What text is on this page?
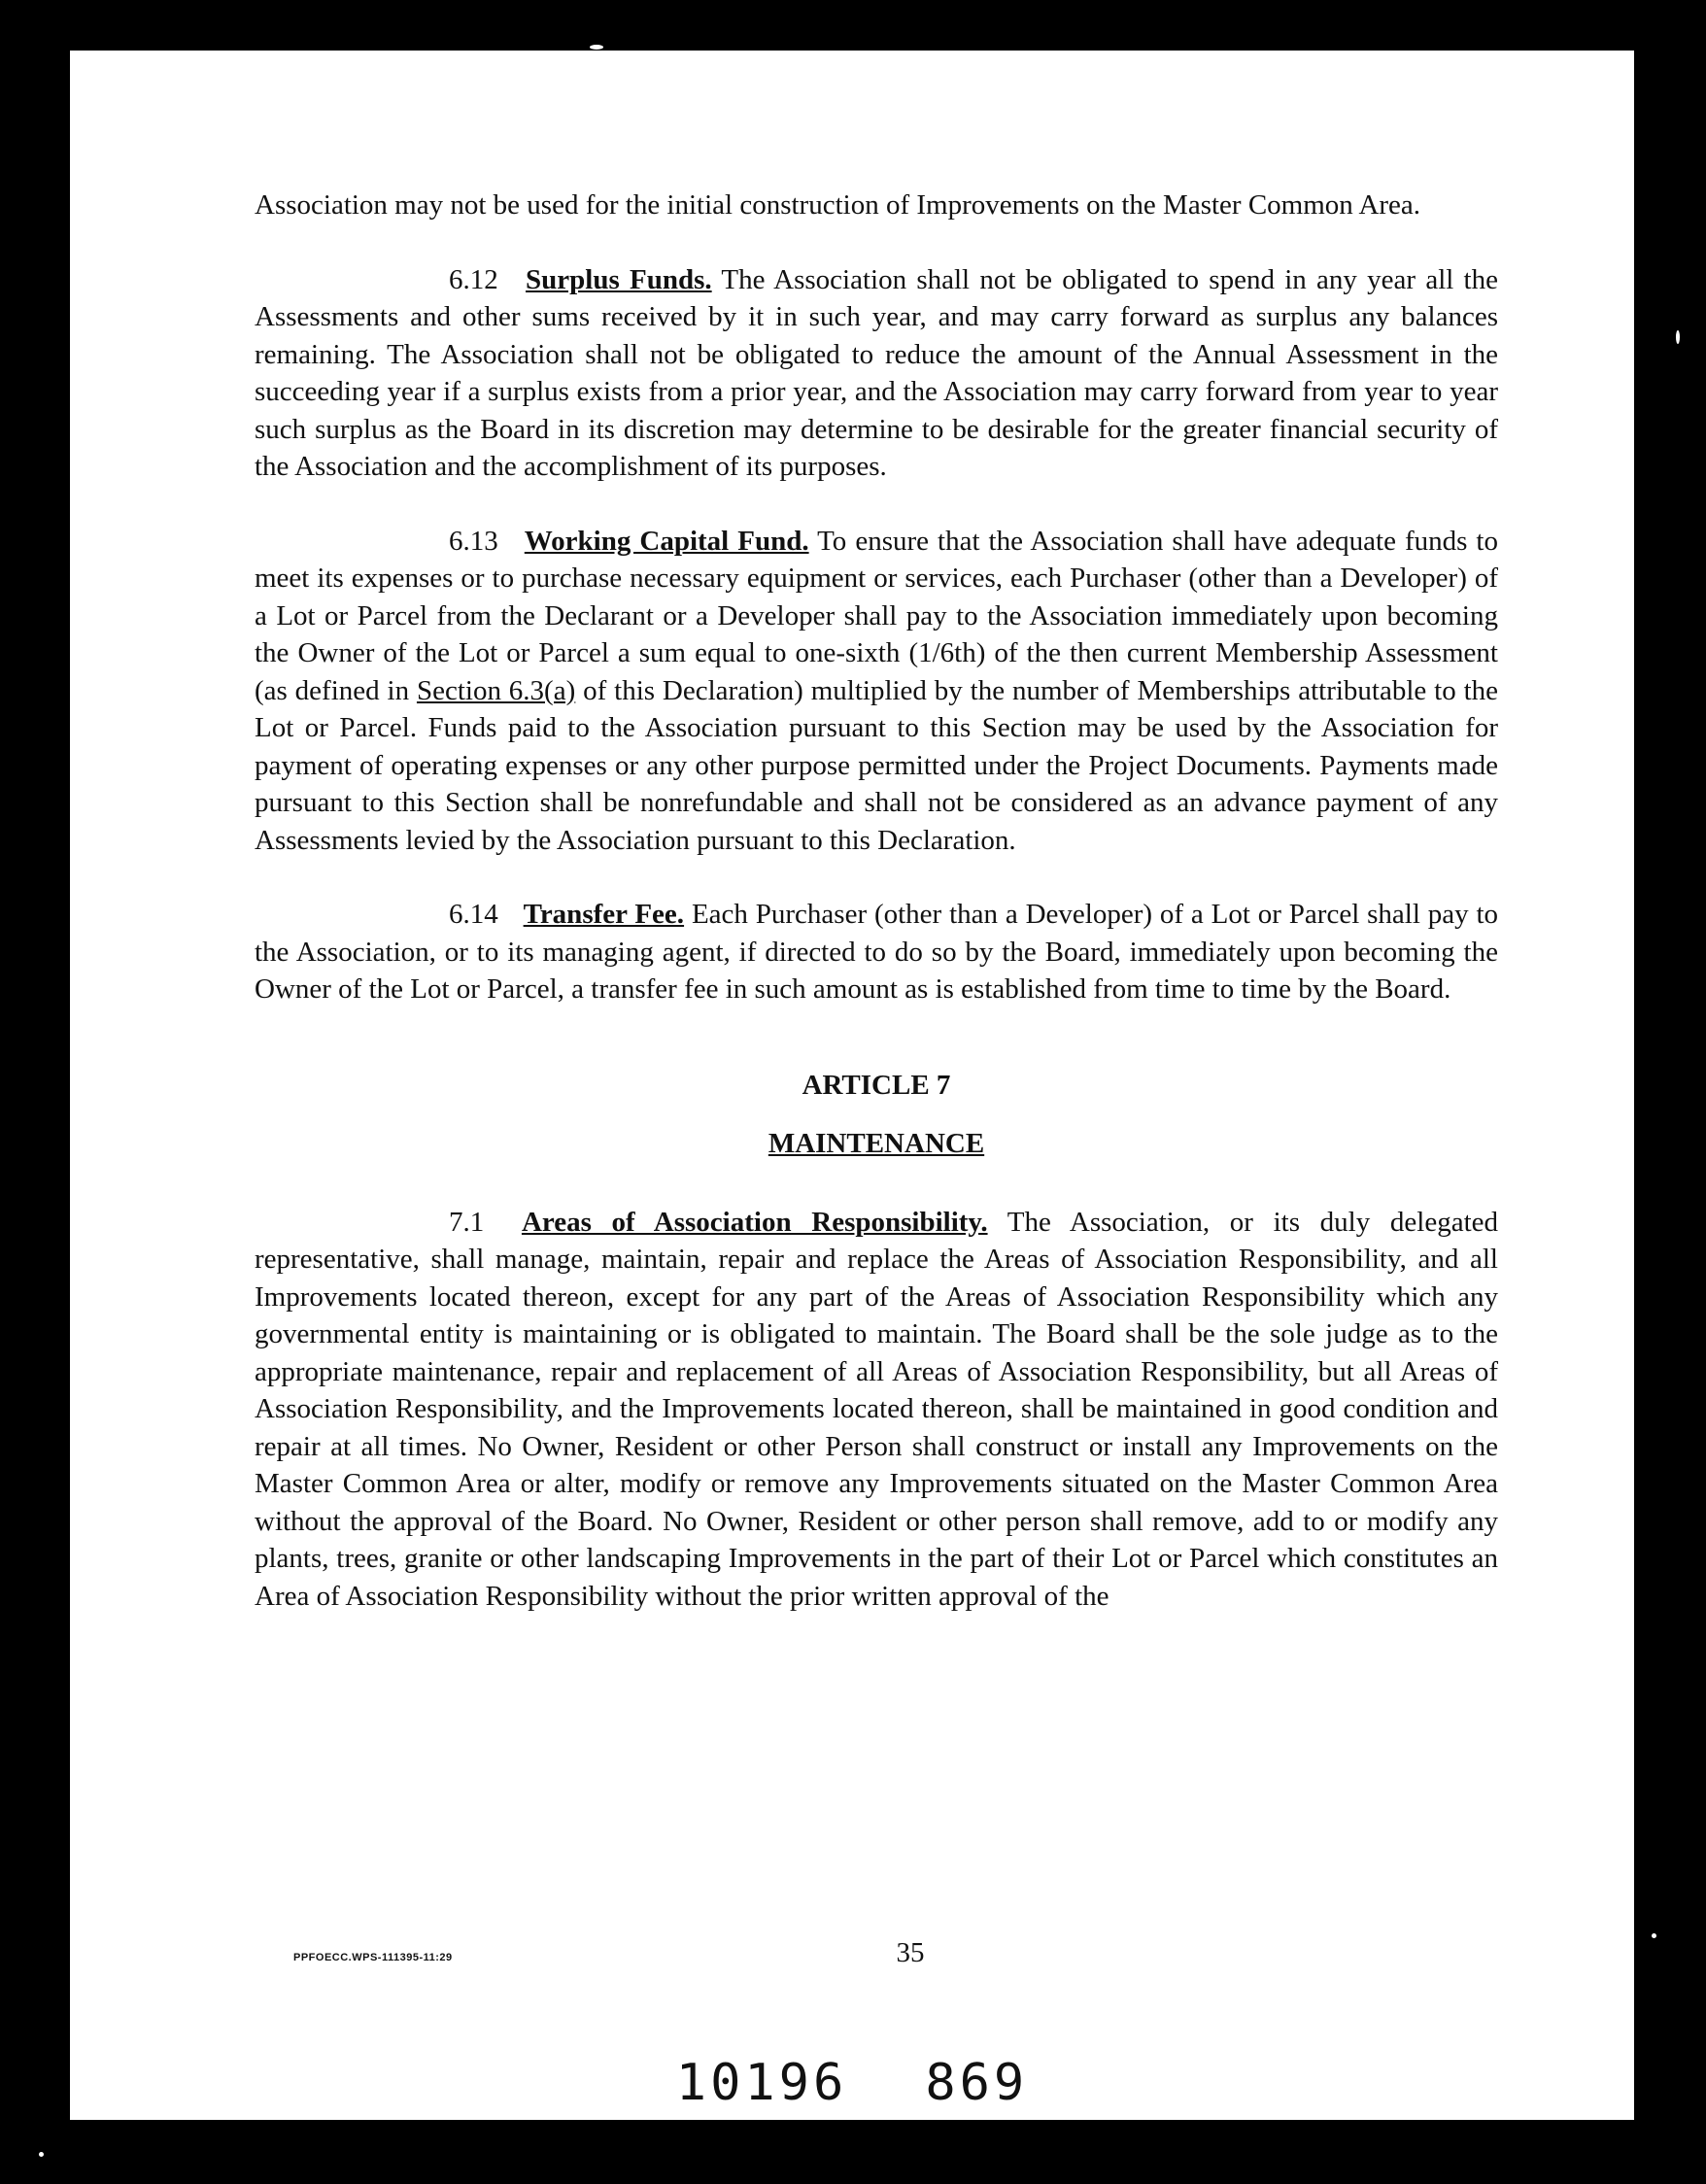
Association may not be used for the initial construction of Improvements on the Master Common Area.

6.12 Surplus Funds. The Association shall not be obligated to spend in any year all the Assessments and other sums received by it in such year, and may carry forward as surplus any balances remaining. The Association shall not be obligated to reduce the amount of the Annual Assessment in the succeeding year if a surplus exists from a prior year, and the Association may carry forward from year to year such surplus as the Board in its discretion may determine to be desirable for the greater financial security of the Association and the accomplishment of its purposes.

6.13 Working Capital Fund. To ensure that the Association shall have adequate funds to meet its expenses or to purchase necessary equipment or services, each Purchaser (other than a Developer) of a Lot or Parcel from the Declarant or a Developer shall pay to the Association immediately upon becoming the Owner of the Lot or Parcel a sum equal to one-sixth (1/6th) of the then current Membership Assessment (as defined in Section 6.3(a) of this Declaration) multiplied by the number of Memberships attributable to the Lot or Parcel. Funds paid to the Association pursuant to this Section may be used by the Association for payment of operating expenses or any other purpose permitted under the Project Documents. Payments made pursuant to this Section shall be nonrefundable and shall not be considered as an advance payment of any Assessments levied by the Association pursuant to this Declaration.

6.14 Transfer Fee. Each Purchaser (other than a Developer) of a Lot or Parcel shall pay to the Association, or to its managing agent, if directed to do so by the Board, immediately upon becoming the Owner of the Lot or Parcel, a transfer fee in such amount as is established from time to time by the Board.

ARTICLE 7
MAINTENANCE

7.1 Areas of Association Responsibility. The Association, or its duly delegated representative, shall manage, maintain, repair and replace the Areas of Association Responsibility, and all Improvements located thereon, except for any part of the Areas of Association Responsibility which any governmental entity is maintaining or is obligated to maintain. The Board shall be the sole judge as to the appropriate maintenance, repair and replacement of all Areas of Association Responsibility, but all Areas of Association Responsibility, and the Improvements located thereon, shall be maintained in good condition and repair at all times. No Owner, Resident or other Person shall construct or install any Improvements on the Master Common Area or alter, modify or remove any Improvements situated on the Master Common Area without the approval of the Board. No Owner, Resident or other person shall remove, add to or modify any plants, trees, granite or other landscaping Improvements in the part of their Lot or Parcel which constitutes an Area of Association Responsibility without the prior written approval of the

PPFOECC.WPS-111395-11:29	35
10196 869
